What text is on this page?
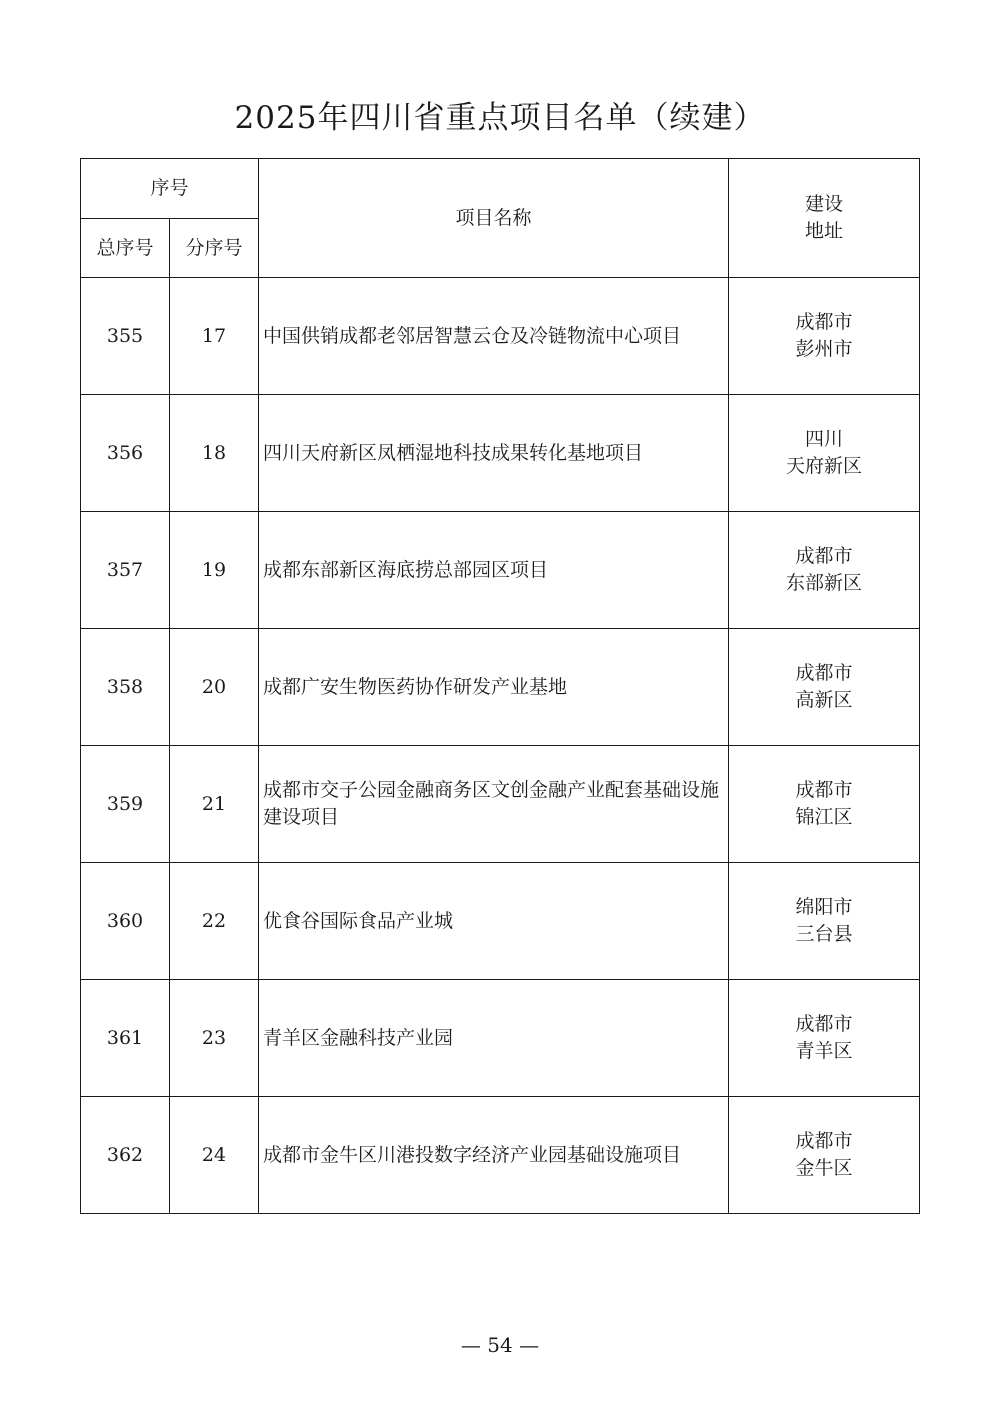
2025年四川省重点项目名单（续建）
序号		项目名称	建设
地址

总序号	分序号		
355	17	中国供销成都老邻居智慧云仓及冷链物流中心项目	成都市
彭州市

356	18	四川天府新区凤栖湿地科技成果转化基地项目	四川
天府新区

357	19	成都东部新区海底捞总部园区项目	成都市
东部新区

358	20	成都广安生物医药协作研发产业基地	成都市
高新区

359	21	成都市交子公园金融商务区文创金融产业配套基础设施建设项目	成都市
锦江区

360	22	优食谷国际食品产业城	绵阳市
三台县

361	23	青羊区金融科技产业园	成都市
青羊区

362	24	成都市金牛区川港投数字经济产业园基础设施项目	成都市
金牛区
— 54 —
